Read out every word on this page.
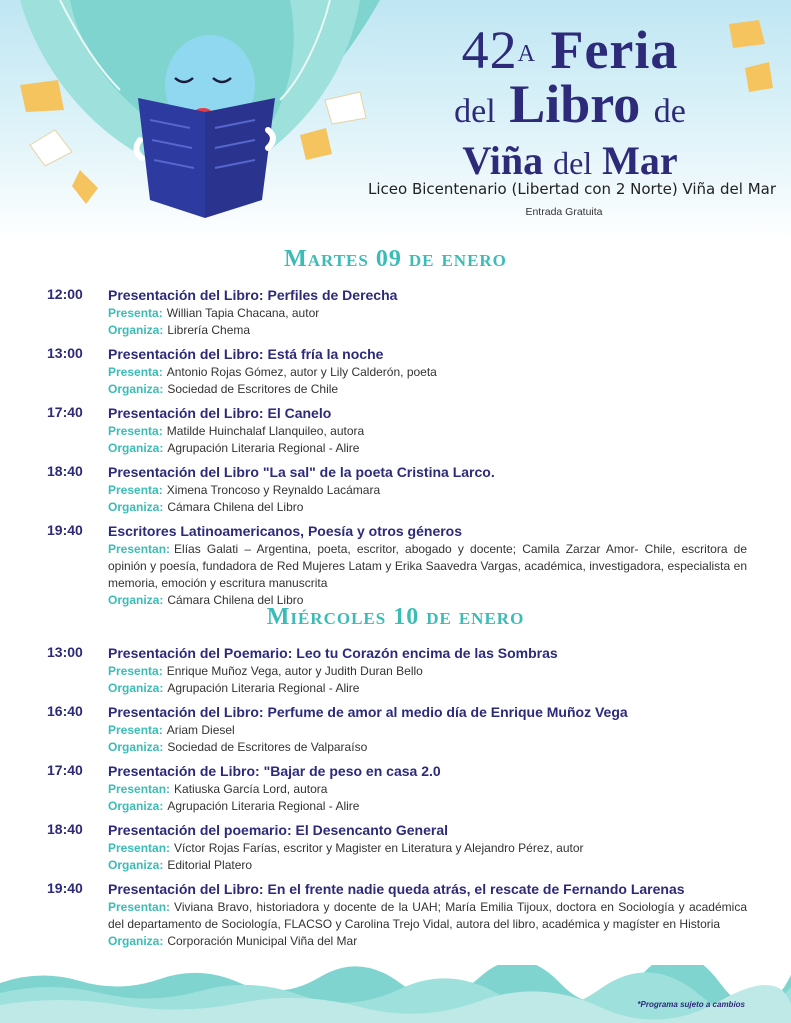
$42^A$ Feria
del Libro de
Viña del Mar
Liceo Bicentenario (Libertad con 2 Norte) Viña del Mar
Entrada Gratuita
Martes 09 de enero
12:00 Presentación del Libro: Perfiles de Derecha
Presenta: Willian Tapia Chacana, autor
Organiza: Librería Chema
13:00 Presentación del Libro: Está fría la noche
Presenta: Antonio Rojas Gómez, autor y Lily Calderón, poeta
Organiza: Sociedad de Escritores de Chile
17:40 Presentación del Libro: El Canelo
Presenta: Matilde Huinchalaf Llanquileo, autora
Organiza: Agrupación Literaria Regional - Alire
18:40 Presentación del Libro "La sal" de la poeta Cristina Larco.
Presenta: Ximena Troncoso y Reynaldo Lacámara
Organiza: Cámara Chilena del Libro
19:40 Escritores Latinoamericanos, Poesía y otros géneros
Presentan: Elías Galati – Argentina, poeta, escritor, abogado y docente; Camila Zarzar Amor- Chile, escritora de opinión y poesía, fundadora de Red Mujeres Latam y Erika Saavedra Vargas, académica, investigadora, especialista en memoria, emoción y escritura manuscrita
Organiza: Cámara Chilena del Libro
Miércoles 10 de enero
13:00 Presentación del Poemario: Leo tu Corazón encima de las Sombras
Presenta: Enrique Muñoz Vega, autor y Judith Duran Bello
Organiza: Agrupación Literaria Regional - Alire
16:40 Presentación del Libro: Perfume de amor al medio día de Enrique Muñoz Vega
Presenta: Ariam Diesel
Organiza: Sociedad de Escritores de Valparaíso
17:40 Presentación de Libro: "Bajar de peso en casa 2.0
Presentan: Katiuska García Lord, autora
Organiza: Agrupación Literaria Regional - Alire
18:40 Presentación del poemario: El Desencanto General
Presentan: Víctor Rojas Farías, escritor y Magister en Literatura y Alejandro Pérez, autor
Organiza: Editorial Platero
19:40 Presentación del Libro: En el frente nadie queda atrás, el rescate de Fernando Larenas
Presentan: Viviana Bravo, historiadora y docente de la UAH; María Emilia Tijoux, doctora en Sociología y académica del departamento de Sociología, FLACSO y Carolina Trejo Vidal, autora del libro, académica y magíster en Historia
Organiza: Corporación Municipal Viña del Mar
*Programa sujeto a cambios
